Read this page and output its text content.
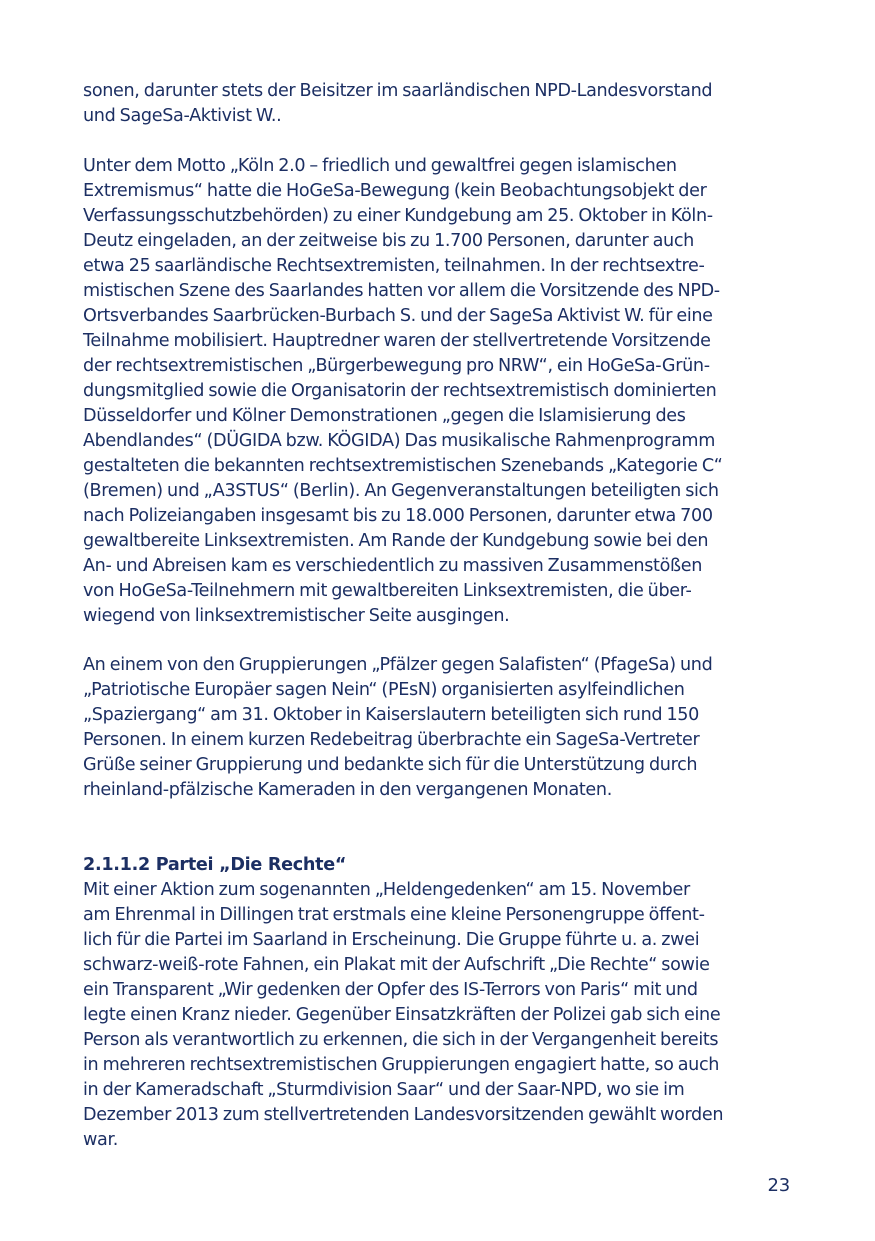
sonen, darunter stets der Beisitzer im saarländischen NPD-Landesvorstand
und SageSa-Aktivist W..

Unter dem Motto „Köln 2.0 – friedlich und gewaltfrei gegen islamischen
Extremismus“ hatte die HoGeSa-Bewegung (kein Beobachtungsobjekt der
Verfassungsschutzbehörden) zu einer Kundgebung am 25. Oktober in Köln-
Deutz eingeladen, an der zeitweise bis zu 1.700 Personen, darunter auch
etwa 25 saarländische Rechtsextremisten, teilnahmen. In der rechtsextre-
mistischen Szene des Saarlandes hatten vor allem die Vorsitzende des NPD-
Ortsverbandes Saarbrücken-Burbach S. und der SageSa Aktivist W. für eine
Teilnahme mobilisiert. Hauptredner waren der stellvertretende Vorsitzende
der rechtsextremistischen „Bürgerbewegung pro NRW“, ein HoGeSa-Grün-
dungsmitglied sowie die Organisatorin der rechtsextremistisch dominierten
Düsseldorfer und Kölner Demonstrationen „gegen die Islamisierung des
Abendlandes“ (DÜGIDA bzw. KÖGIDA) Das musikalische Rahmenprogramm
gestalteten die bekannten rechtsextremistischen Szenebands „Kategorie C“
(Bremen) und „A3STUS“ (Berlin). An Gegenveranstaltungen beteiligten sich
nach Polizeiangaben insgesamt bis zu 18.000 Personen, darunter etwa 700
gewaltbereite Linksextremisten. Am Rande der Kundgebung sowie bei den
An- und Abreisen kam es verschiedentlich zu massiven Zusammenstößen
von HoGeSa-Teilnehmern mit gewaltbereiten Linksextremisten, die über-
wiegend von linksextremistischer Seite ausgingen.

An einem von den Gruppierungen „Pfälzer gegen Salafisten“ (PfageSa) und
„Patriotische Europäer sagen Nein“ (PEsN) organisierten asylfeindlichen
„Spaziergang“ am 31. Oktober in Kaiserslautern beteiligten sich rund 150
Personen. In einem kurzen Redebeitrag überbrachte ein SageSa-Vertreter
Grüße seiner Gruppierung und bedankte sich für die Unterstützung durch
rheinland-pfälzische Kameraden in den vergangenen Monaten.

2.1.1.2 Partei „Die Rechte“

Mit einer Aktion zum sogenannten „Heldengedenken“ am 15. November
am Ehrenmal in Dillingen trat erstmals eine kleine Personengruppe öffent-
lich für die Partei im Saarland in Erscheinung. Die Gruppe führte u. a. zwei
schwarz-weiß-rote Fahnen, ein Plakat mit der Aufschrift „Die Rechte“ sowie
ein Transparent „Wir gedenken der Opfer des IS-Terrors von Paris“ mit und
legte einen Kranz nieder. Gegenüber Einsatzkräften der Polizei gab sich eine
Person als verantwortlich zu erkennen, die sich in der Vergangenheit bereits
in mehreren rechtsextremistischen Gruppierungen engagiert hatte, so auch
in der Kameradschaft „Sturmdivision Saar“ und der Saar-NPD, wo sie im
Dezember 2013 zum stellvertretenden Landesvorsitzenden gewählt worden
war.

23
